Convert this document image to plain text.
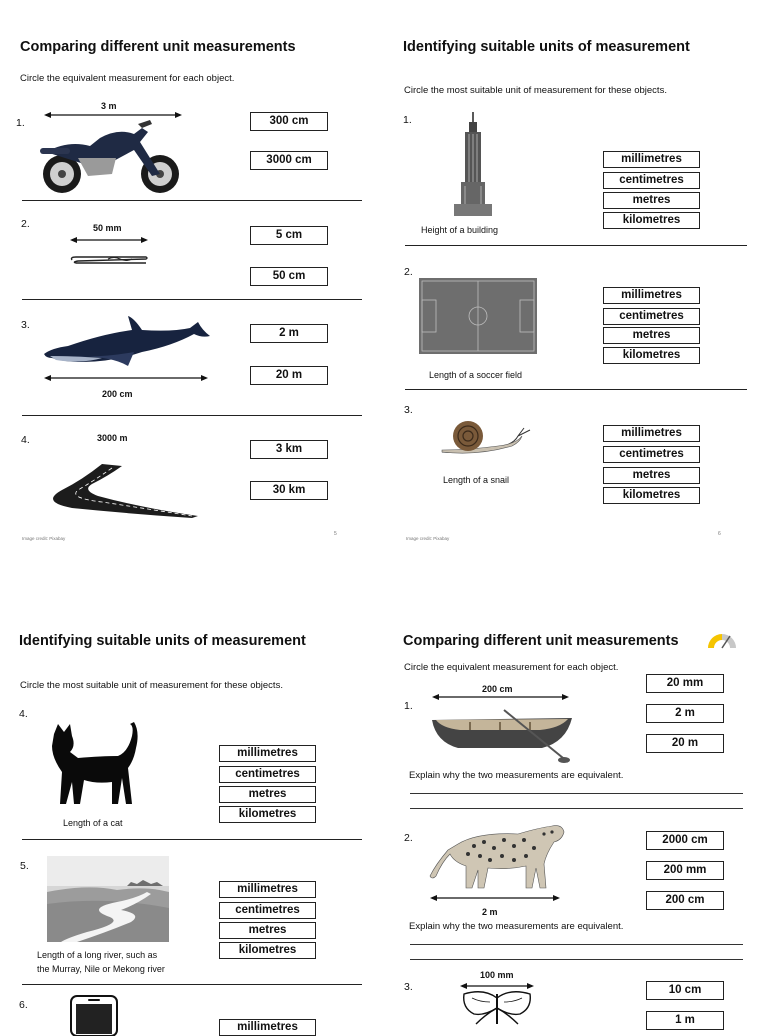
Comparing different unit measurements
Circle the equivalent measurement for each object.
1.
3 m
300 cm
3000 cm
2.	50 mm
5 cm
50 cm
3.
200 cm
2 m
20 m
4.	3000 m
3 km
30 km
Image credit: Pixabay
5
Identifying suitable units of measurement
Circle the most suitable unit of measurement for these objects.
1.
Height of a building
millimetres
centimetres
metres
kilometres
2.
Length of a soccer field
millimetres
centimetres
metres
kilometres
3.
Length of a snail
millimetres
centimetres
metres
kilometres
Image credit: Pixabay
6
Identifying suitable units of measurement
Circle the most suitable unit of measurement for these objects.
4.
Length of a cat
millimetres
centimetres
metres
kilometres
5.
Length of a long river, such as
the Murray, Nile or Mekong river
millimetres
centimetres
metres
kilometres
6.
millimetres
Comparing different unit measurements
Circle the equivalent measurement for each object.
1.
200 cm	20 mm
2 m
20 m
Explain why the two measurements are equivalent.
2.
2 m
2000 cm
200 mm
200 cm
Explain why the two measurements are equivalent.
3.
100 mm
10 cm
1 m
